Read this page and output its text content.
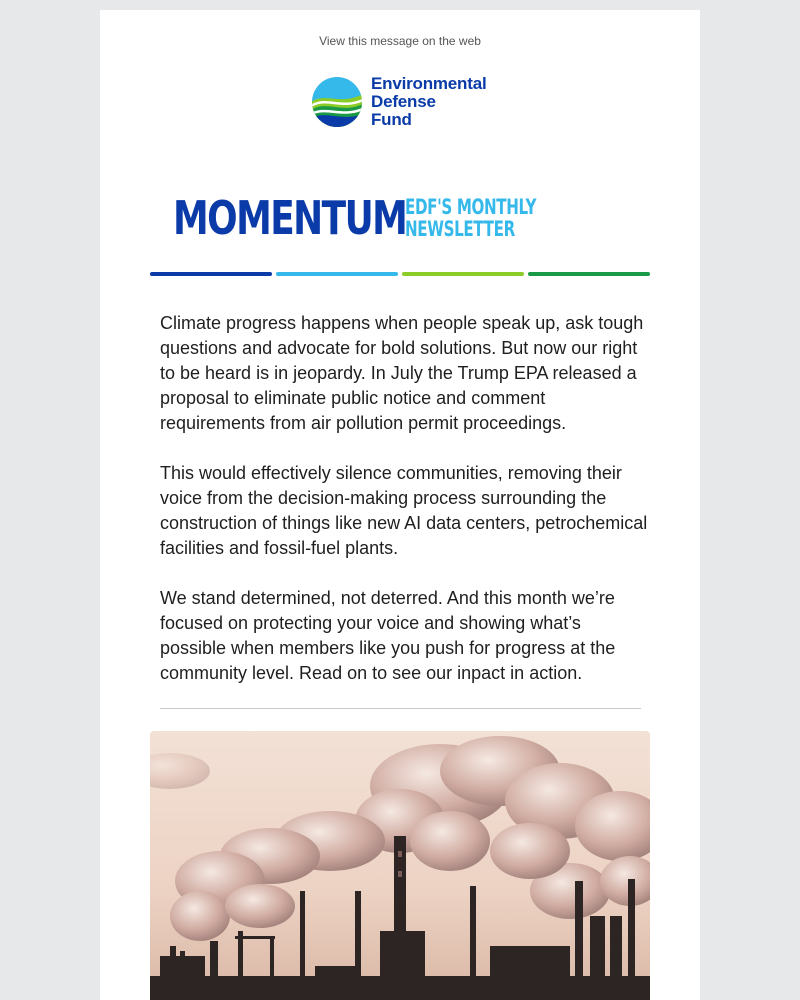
View this message on the web
Environmental
Defense
Fund
MOMENTUM
EDF'S MONTHLY
NEWSLETTER

Climate progress happens when people speak up, ask tough questions and advocate for bold solutions. But now our right to be heard is in jeopardy. In July the Trump EPA released a proposal to eliminate public notice and comment requirements from air pollution permit proceedings.

This would effectively silence communities, removing their voice from the decision-making process surrounding the construction of things like new AI data centers, petrochemical facilities and fossil-fuel plants.

We stand determined, not deterred. And this month we’re focused on protecting your voice and showing what’s possible when members like you push for progress at the community level. Read on to see our inpact in action.
